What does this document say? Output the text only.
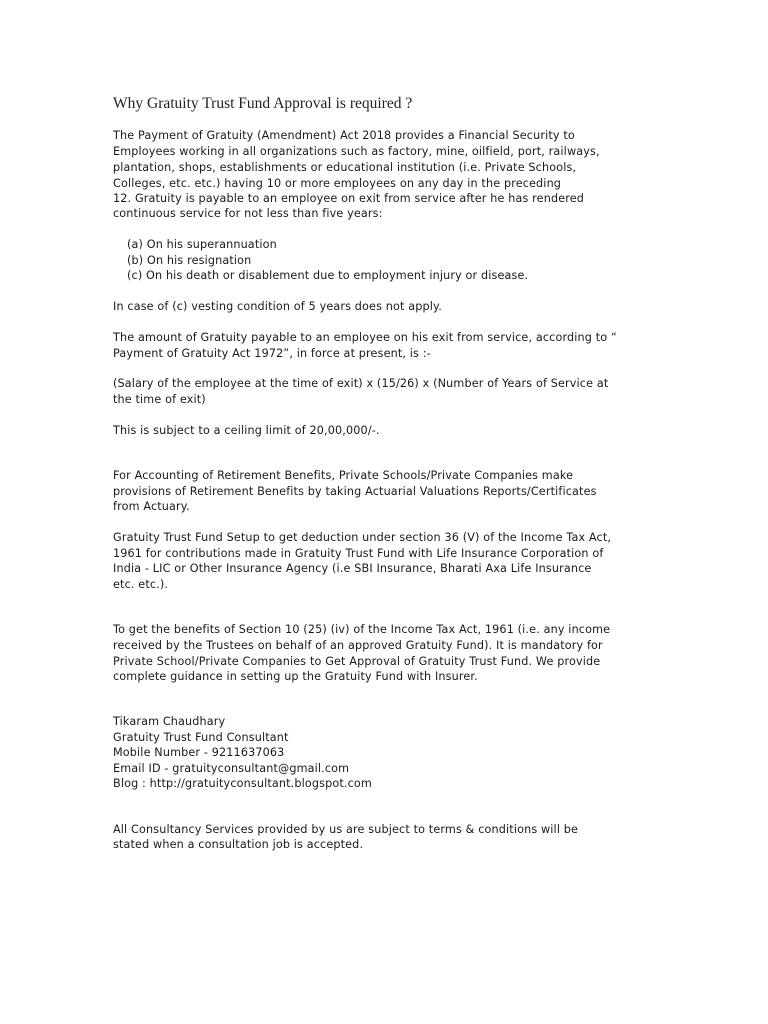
Why Gratuity Trust Fund Approval is required ?

The Payment of Gratuity (Amendment) Act 2018 provides a Financial Security to

Employees working in all organizations such as factory, mine, oilfield, port, railways,

plantation, shops, establishments or educational institution (i.e. Private Schools,

Colleges, etc. etc.) having 10 or more employees on any day in the preceding

12. Gratuity is payable to an employee on exit from service after he has rendered

continuous service for not less than five years:

(a) On his superannuation

(b) On his resignation

(c) On his death or disablement due to employment injury or disease.

In case of (c) vesting condition of 5 years does not apply.

The amount of Gratuity payable to an employee on his exit from service, according to “

Payment of Gratuity Act 1972”, in force at present, is :-

(Salary of the employee at the time of exit) x (15/26) x (Number of Years of Service at

the time of exit)

This is subject to a ceiling limit of 20,00,000/-.

For Accounting of Retirement Benefits, Private Schools/Private Companies make

provisions of Retirement Benefits by taking Actuarial Valuations Reports/Certificates

from Actuary.

Gratuity Trust Fund Setup to get deduction under section 36 (V) of the Income Tax Act,

1961 for contributions made in Gratuity Trust Fund with Life Insurance Corporation of

India - LIC or Other Insurance Agency (i.e SBI Insurance, Bharati Axa Life Insurance

etc. etc.).

To get the benefits of Section 10 (25) (iv) of the Income Tax Act, 1961 (i.e. any income

received by the Trustees on behalf of an approved Gratuity Fund). It is mandatory for

Private School/Private Companies to Get Approval of Gratuity Trust Fund. We provide

complete guidance in setting up the Gratuity Fund with Insurer.

Tikaram Chaudhary

Gratuity Trust Fund Consultant

Mobile Number - 9211637063

Email ID - gratuityconsultant@gmail.com

Blog : http://gratuityconsultant.blogspot.com

All Consultancy Services provided by us are subject to terms & conditions will be

stated when a consultation job is accepted.
